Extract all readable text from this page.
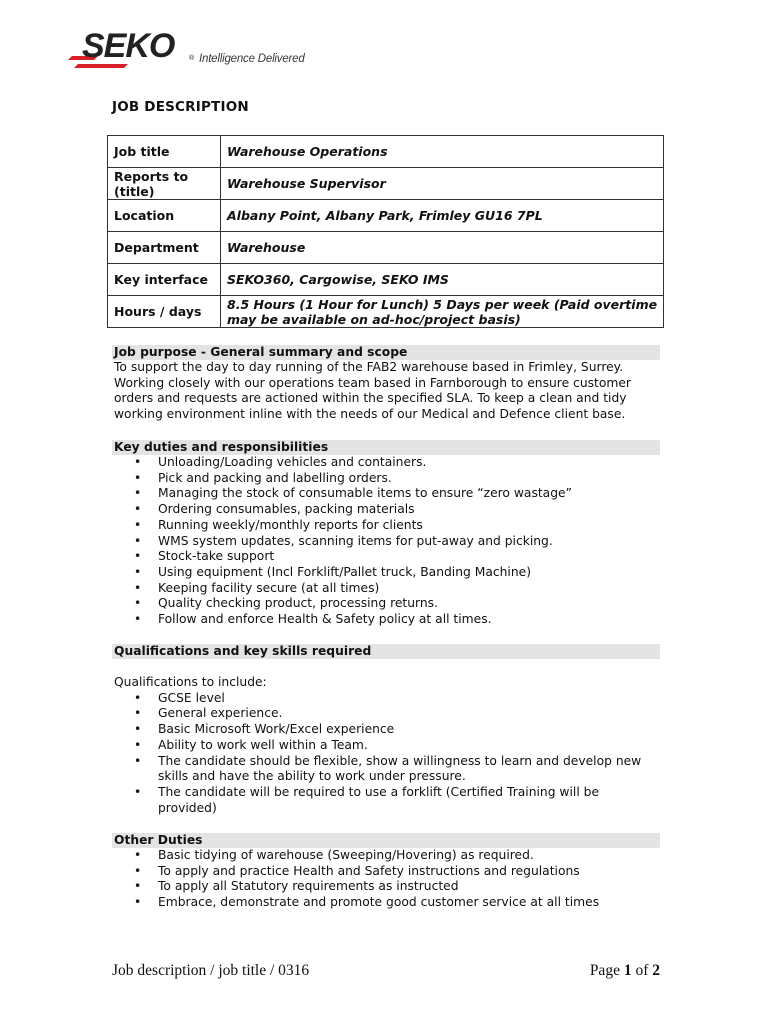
SEKO ® Intelligence Delivered
JOB DESCRIPTION
Job title	Warehouse Operations
Reports to (title)	Warehouse Supervisor
Location	Albany Point, Albany Park, Frimley GU16 7PL
Department	Warehouse
Key interface	SEKO360, Cargowise, SEKO IMS
Hours / days	8.5 Hours (1 Hour for Lunch) 5 Days per week (Paid overtime may be available on ad-hoc/project basis)
Job purpose - General summary and scope
To support the day to day running of the FAB2 warehouse based in Frimley, Surrey. Working closely with our operations team based in Farnborough to ensure customer orders and requests are actioned within the specified SLA. To keep a clean and tidy working environment inline with the needs of our Medical and Defence client base.
Key duties and responsibilities
• Unloading/Loading vehicles and containers.
• Pick and packing and labelling orders.
• Managing the stock of consumable items to ensure “zero wastage”
• Ordering consumables, packing materials
• Running weekly/monthly reports for clients
• WMS system updates, scanning items for put-away and picking.
• Stock-take support
• Using equipment (Incl Forklift/Pallet truck, Banding Machine)
• Keeping facility secure (at all times)
• Quality checking product, processing returns.
• Follow and enforce Health & Safety policy at all times.
Qualifications and key skills required
Qualifications to include:
• GCSE level
• General experience.
• Basic Microsoft Work/Excel experience
• Ability to work well within a Team.
• The candidate should be flexible, show a willingness to learn and develop new skills and have the ability to work under pressure.
• The candidate will be required to use a forklift (Certified Training will be provided)
Other Duties
• Basic tidying of warehouse (Sweeping/Hovering) as required.
• To apply and practice Health and Safety instructions and regulations
• To apply all Statutory requirements as instructed
• Embrace, demonstrate and promote good customer service at all times
Job description / job title / 0316	Page 1 of 2
